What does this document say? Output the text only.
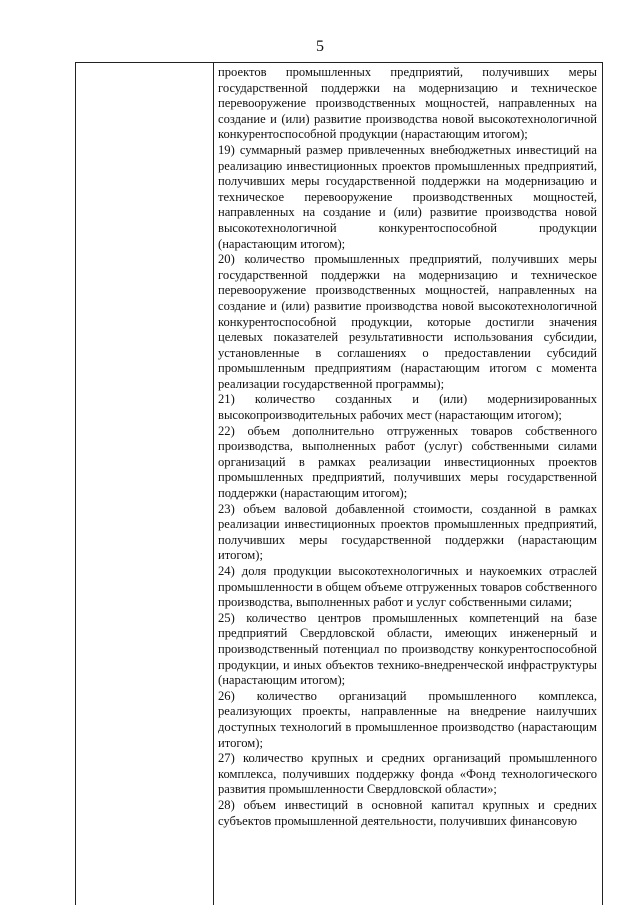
5

проектов промышленных предприятий, получивших меры государственной поддержки на модернизацию и техническое перевооружение производственных мощностей, направленных на создание и (или) развитие производства новой высокотехнологичной конкурентоспособной продукции (нарастающим итогом);

19) суммарный размер привлеченных внебюджетных инвестиций на реализацию инвестиционных проектов промышленных предприятий, получивших меры государственной поддержки на модернизацию и техническое перевооружение производственных мощностей, направленных на создание и (или) развитие производства новой высокотехнологичной конкурентоспособной продукции (нарастающим итогом);

20) количество промышленных предприятий, получивших меры государственной поддержки на модернизацию и техническое перевооружение производственных мощностей, направленных на создание и (или) развитие производства новой высокотехнологичной конкурентоспособной продукции, которые достигли значения целевых показателей результативности использования субсидии, установленные в соглашениях о предоставлении субсидий промышленным предприятиям (нарастающим итогом с момента реализации государственной программы);

21) количество созданных и (или) модернизированных высокопроизводительных рабочих мест (нарастающим итогом);

22) объем дополнительно отгруженных товаров собственного производства, выполненных работ (услуг) собственными силами организаций в рамках реализации инвестиционных проектов промышленных предприятий, получивших меры государственной поддержки (нарастающим итогом);

23) объем валовой добавленной стоимости, созданной в рамках реализации инвестиционных проектов промышленных предприятий, получивших меры государственной поддержки (нарастающим итогом);

24) доля продукции высокотехнологичных и наукоемких отраслей промышленности в общем объеме отгруженных товаров собственного производства, выполненных работ и услуг собственными силами;

25) количество центров промышленных компетенций на базе предприятий Свердловской области, имеющих инженерный и производственный потенциал по производству конкурентоспособной продукции, и иных объектов технико-внедренческой инфраструктуры (нарастающим итогом);

26) количество организаций промышленного комплекса, реализующих проекты, направленные на внедрение наилучших доступных технологий в промышленное производство (нарастающим итогом);

27) количество крупных и средних организаций промышленного комплекса, получивших поддержку фонда «Фонд технологического развития промышленности Свердловской области»;

28) объем инвестиций в основной капитал крупных и средних субъектов промышленной деятельности, получивших финансовую
